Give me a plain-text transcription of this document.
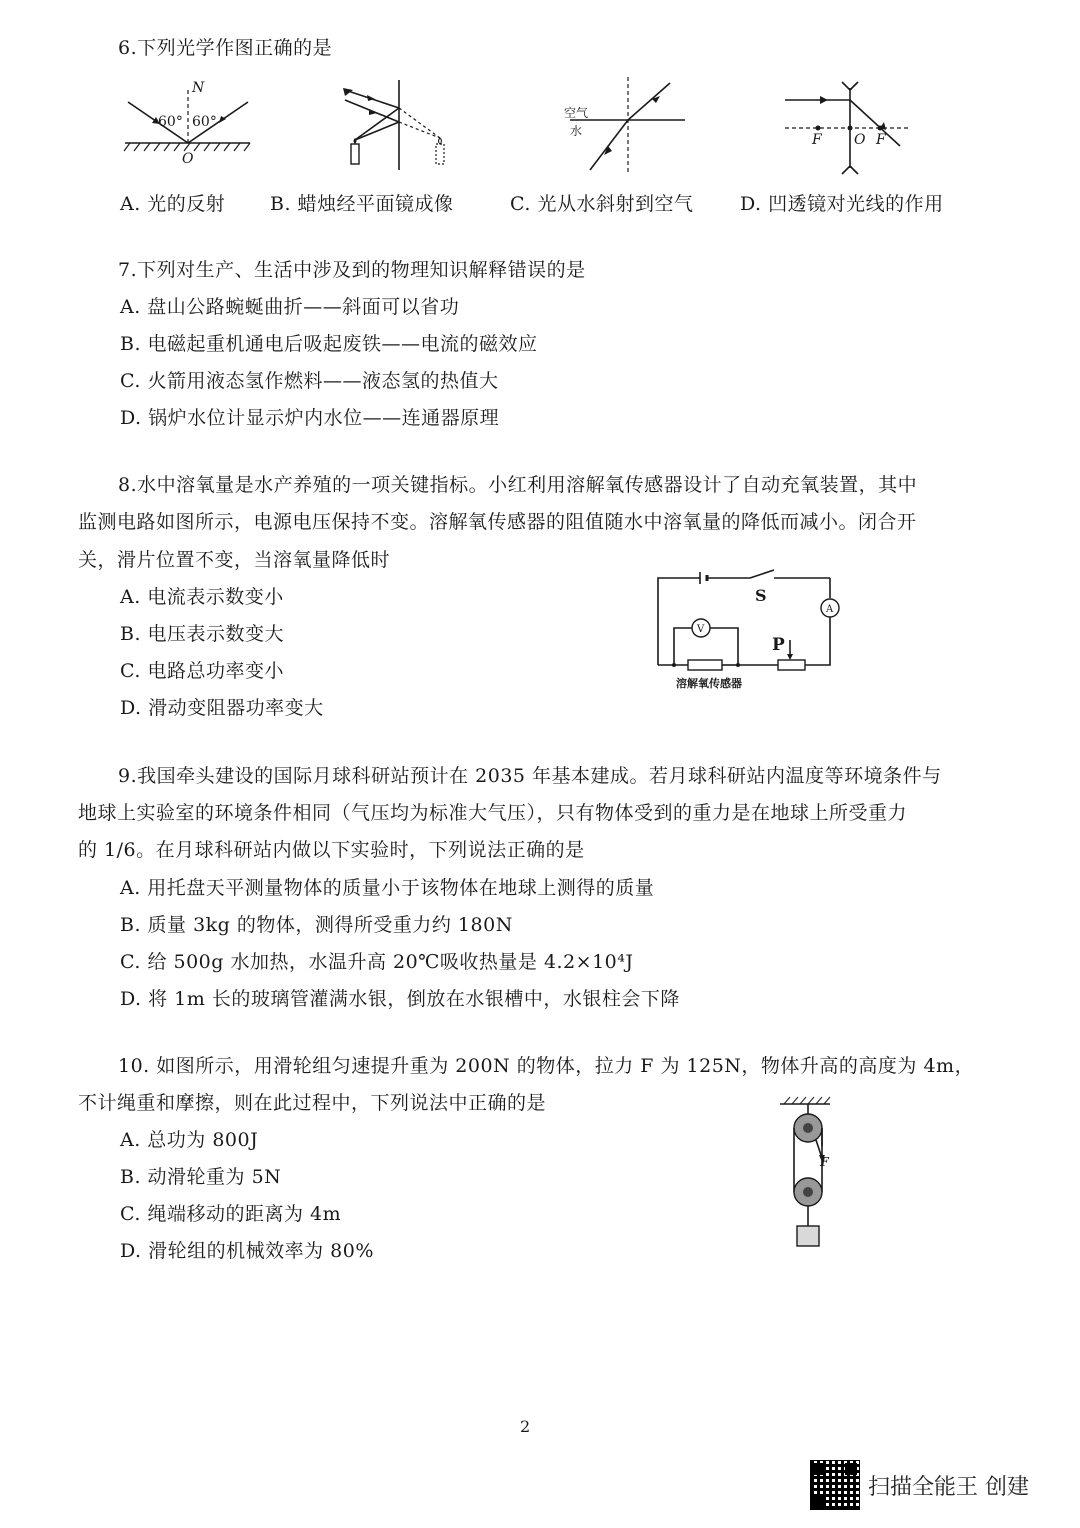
6.下列光学作图正确的是
N
60° 60°
O
空气
水
F O F
A. 光的反射 B. 蜡烛经平面镜成像	C. 光从水斜射到空气 D. 凹透镜对光线的作用
7.下列对生产、生活中涉及到的物理知识解释错误的是
A. 盘山公路蜿蜒曲折——斜面可以省功
B. 电磁起重机通电后吸起废铁——电流的磁效应
C. 火箭用液态氢作燃料——液态氢的热值大
D. 锅炉水位计显示炉内水位——连通器原理
8.水中溶氧量是水产养殖的一项关键指标。小红利用溶解氧传感器设计了自动充氧装置，其中
监测电路如图所示，电源电压保持不变。溶解氧传感器的阻值随水中溶氧量的降低而减小。闭合开
关，滑片位置不变，当溶氧量降低时
A. 电流表示数变小
B. 电压表示数变大
C. 电路总功率变小
D. 滑动变阻器功率变大
S
A
V
P
溶解氧传感器
9.我国牵头建设的国际月球科研站预计在 2035 年基本建成。若月球科研站内温度等环境条件与
地球上实验室的环境条件相同（气压均为标准大气压），只有物体受到的重力是在地球上所受重力
的 1/6。在月球科研站内做以下实验时，下列说法正确的是
A. 用托盘天平测量物体的质量小于该物体在地球上测得的质量
B. 质量 3kg 的物体，测得所受重力约 180N
C. 给 500g 水加热，水温升高 20℃吸收热量是 4.2×10⁴J
D. 将 1m 长的玻璃管灌满水银，倒放在水银槽中，水银柱会下降
10. 如图所示，用滑轮组匀速提升重为 200N 的物体，拉力 F 为 125N，物体升高的高度为 4m，
不计绳重和摩擦，则在此过程中，下列说法中正确的是
A. 总功为 800J
B. 动滑轮重为 5N
C. 绳端移动的距离为 4m
D. 滑轮组的机械效率为 80%
F
2
扫描全能王 创建
